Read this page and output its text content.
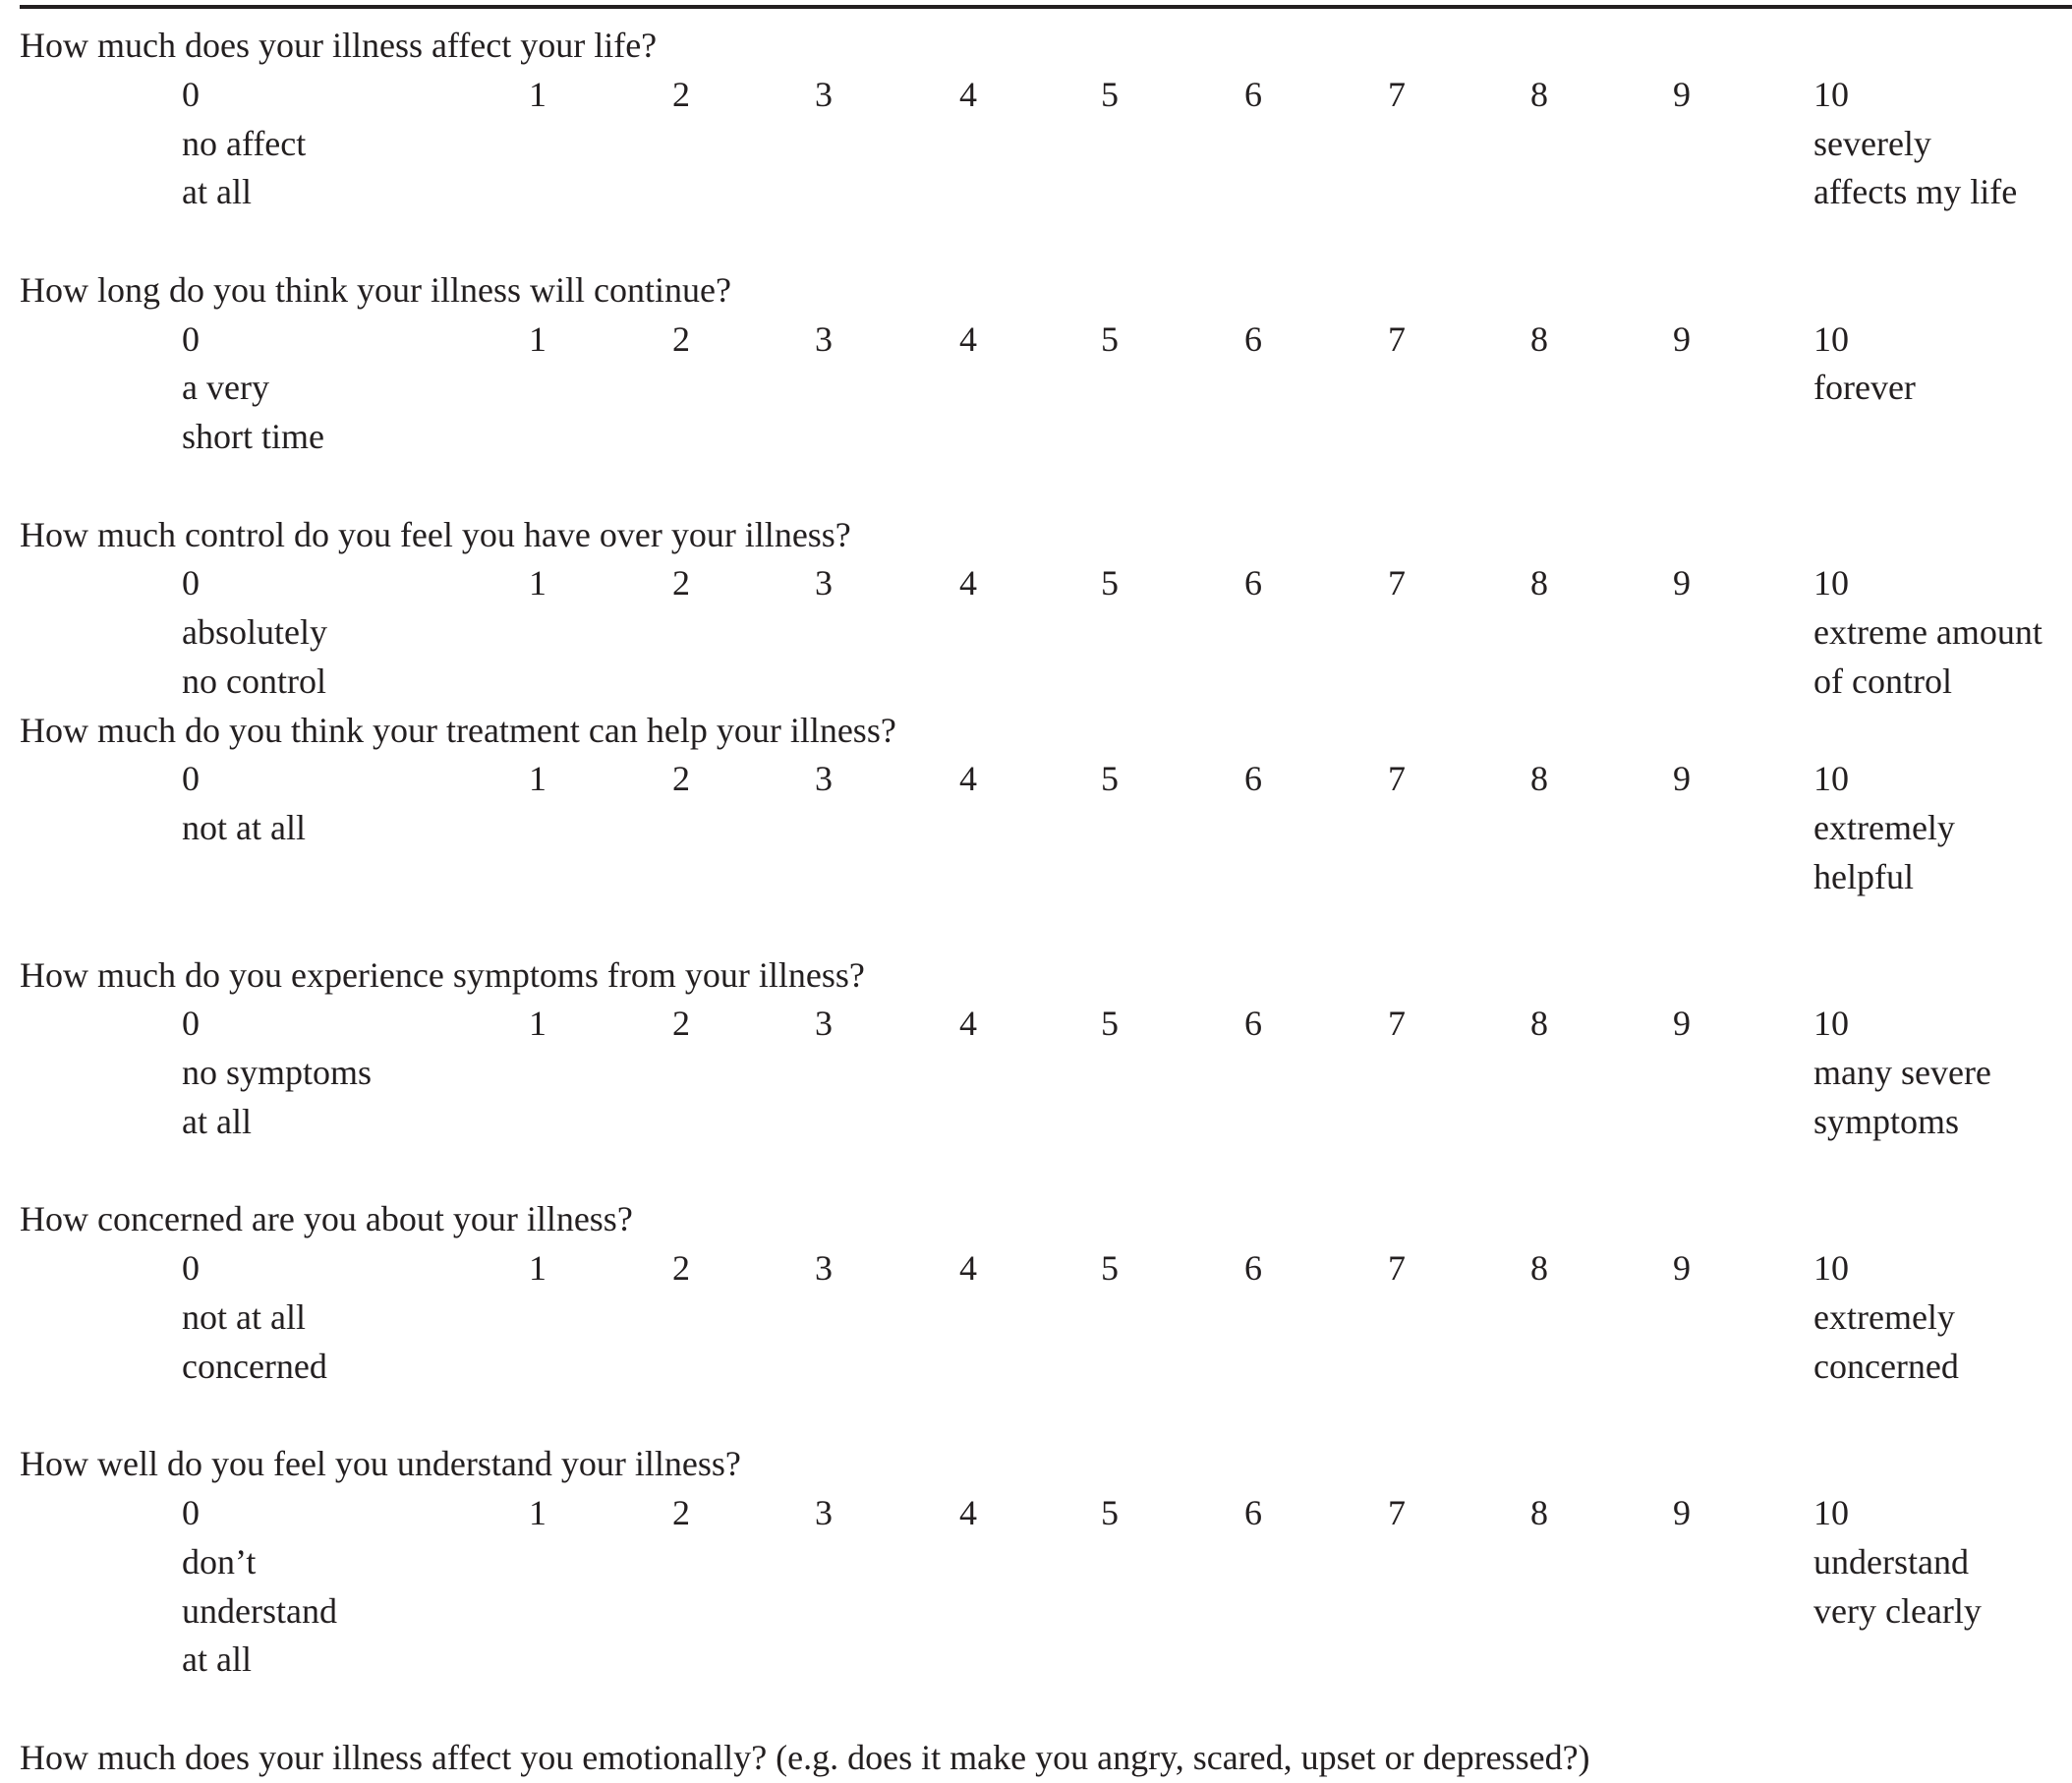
How much does your illness affect your life?
0	1	2	3	4	5	6	7	8	9	10
no affect	severely
at all	affects my life
How long do you think your illness will continue?
0	1	2	3	4	5	6	7	8	9	10
a very	forever
short time
How much control do you feel you have over your illness?
0	1	2	3	4	5	6	7	8	9	10
absolutely	extreme amount
no control	of control
How much do you think your treatment can help your illness?
0	1	2	3	4	5	6	7	8	9	10
not at all	extremely
helpful
How much do you experience symptoms from your illness?
0	1	2	3	4	5	6	7	8	9	10
no symptoms	many severe
at all	symptoms
How concerned are you about your illness?
0	1	2	3	4	5	6	7	8	9	10
not at all	extremely
concerned	concerned
How well do you feel you understand your illness?
0	1	2	3	4	5	6	7	8	9	10
don’t	understand
understand	very clearly
at all
How much does your illness affect you emotionally? (e.g. does it make you angry, scared, upset or depressed?)
